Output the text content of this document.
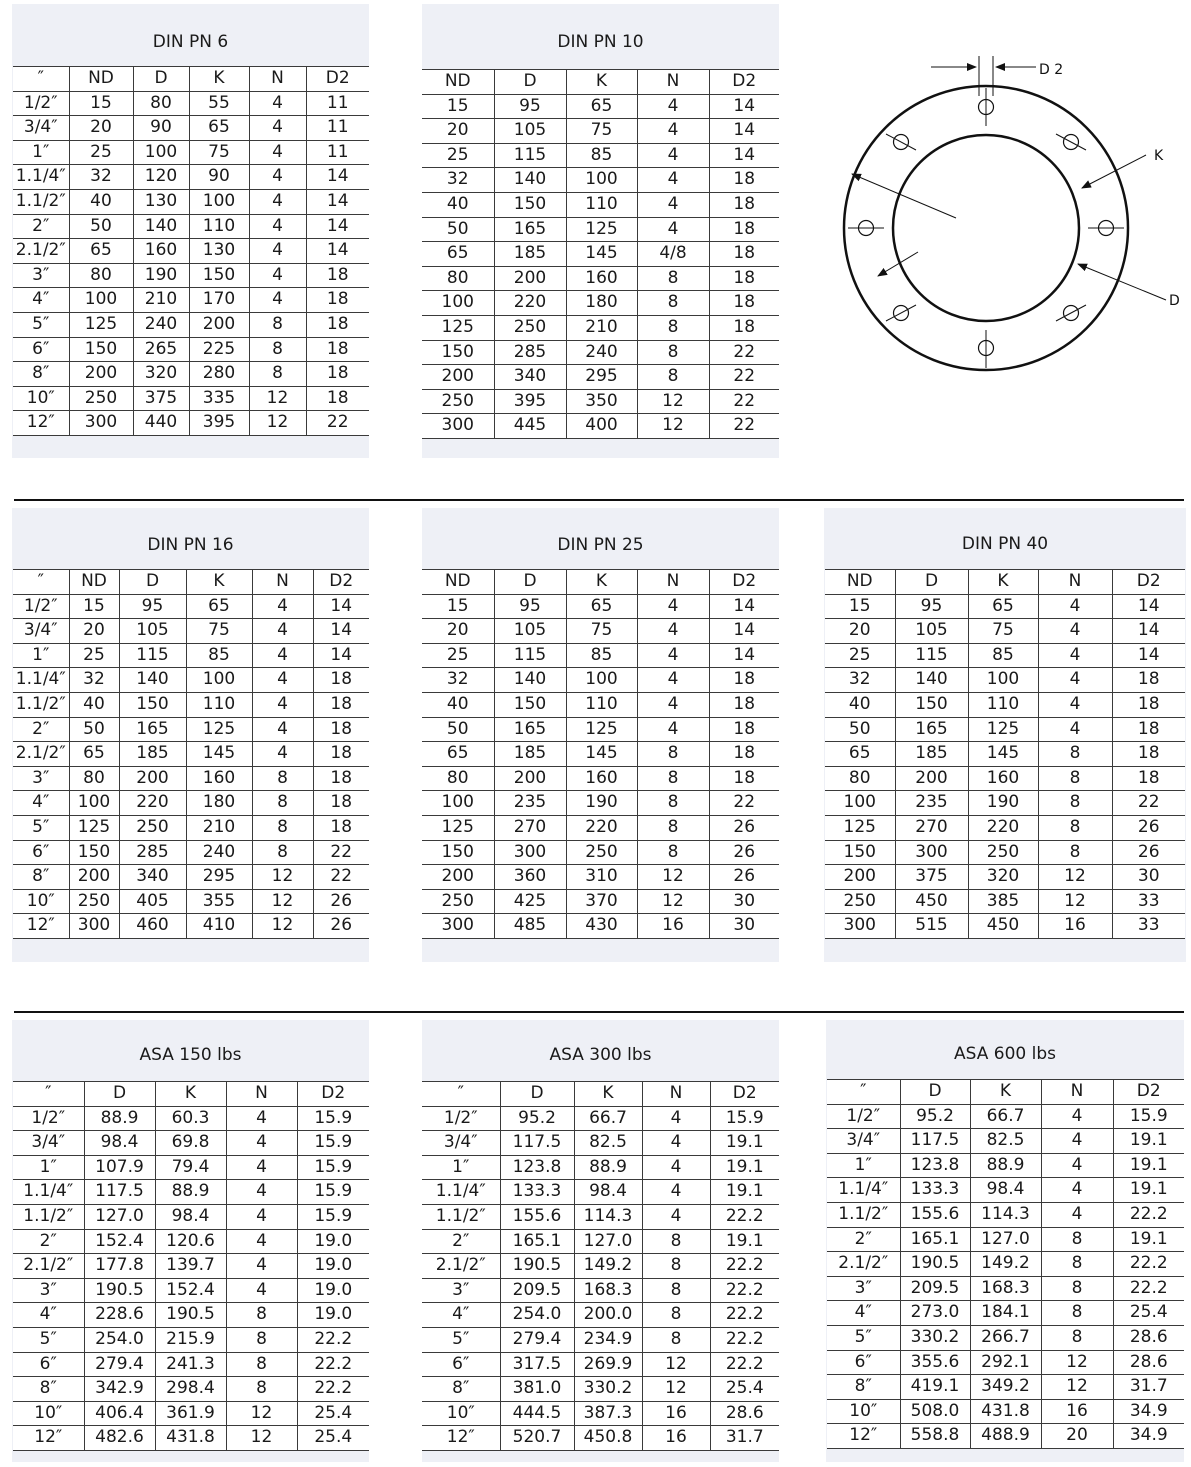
DIN PN 6
″	ND	D	K	N	D2
1/2″	15	80	55	4	11
3/4″	20	90	65	4	11
1″	25	100	75	4	11
1.1/4″	32	120	90	4	14
1.1/2″	40	130	100	4	14
2″	50	140	110	4	14
2.1/2″	65	160	130	4	14
3″	80	190	150	4	18
4″	100	210	170	4	18
5″	125	240	200	8	18
6″	150	265	225	8	18
8″	200	320	280	8	18
10″	250	375	335	12	18
12″	300	440	395	12	22
DIN PN 10
ND	D	K	N	D2
15	95	65	4	14
20	105	75	4	14
25	115	85	4	14
32	140	100	4	18
40	150	110	4	18
50	165	125	4	18
65	185	145	4/8	18
80	200	160	8	18
100	220	180	8	18
125	250	210	8	18
150	285	240	8	22
200	340	295	8	22
250	395	350	12	22
300	445	400	12	22
D 2
K
D
DIN PN 16
″	ND	D	K	N	D2
1/2″	15	95	65	4	14
3/4″	20	105	75	4	14
1″	25	115	85	4	14
1.1/4″	32	140	100	4	18
1.1/2″	40	150	110	4	18
2″	50	165	125	4	18
2.1/2″	65	185	145	4	18
3″	80	200	160	8	18
4″	100	220	180	8	18
5″	125	250	210	8	18
6″	150	285	240	8	22
8″	200	340	295	12	22
10″	250	405	355	12	26
12″	300	460	410	12	26
DIN PN 25
ND	D	K	N	D2
15	95	65	4	14
20	105	75	4	14
25	115	85	4	14
32	140	100	4	18
40	150	110	4	18
50	165	125	4	18
65	185	145	8	18
80	200	160	8	18
100	235	190	8	22
125	270	220	8	26
150	300	250	8	26
200	360	310	12	26
250	425	370	12	30
300	485	430	16	30
DIN PN 40
ND	D	K	N	D2
15	95	65	4	14
20	105	75	4	14
25	115	85	4	14
32	140	100	4	18
40	150	110	4	18
50	165	125	4	18
65	185	145	8	18
80	200	160	8	18
100	235	190	8	22
125	270	220	8	26
150	300	250	8	26
200	375	320	12	30
250	450	385	12	33
300	515	450	16	33
ASA 150 lbs
″	D	K	N	D2
1/2″	88.9	60.3	4	15.9
3/4″	98.4	69.8	4	15.9
1″	107.9	79.4	4	15.9
1.1/4″	117.5	88.9	4	15.9
1.1/2″	127.0	98.4	4	15.9
2″	152.4	120.6	4	19.0
2.1/2″	177.8	139.7	4	19.0
3″	190.5	152.4	4	19.0
4″	228.6	190.5	8	19.0
5″	254.0	215.9	8	22.2
6″	279.4	241.3	8	22.2
8″	342.9	298.4	8	22.2
10″	406.4	361.9	12	25.4
12″	482.6	431.8	12	25.4
ASA 300 lbs
″	D	K	N	D2
1/2″	95.2	66.7	4	15.9
3/4″	117.5	82.5	4	19.1
1″	123.8	88.9	4	19.1
1.1/4″	133.3	98.4	4	19.1
1.1/2″	155.6	114.3	4	22.2
2″	165.1	127.0	8	19.1
2.1/2″	190.5	149.2	8	22.2
3″	209.5	168.3	8	22.2
4″	254.0	200.0	8	22.2
5″	279.4	234.9	8	22.2
6″	317.5	269.9	12	22.2
8″	381.0	330.2	12	25.4
10″	444.5	387.3	16	28.6
12″	520.7	450.8	16	31.7
ASA 600 lbs
″	D	K	N	D2
1/2″	95.2	66.7	4	15.9
3/4″	117.5	82.5	4	19.1
1″	123.8	88.9	4	19.1
1.1/4″	133.3	98.4	4	19.1
1.1/2″	155.6	114.3	4	22.2
2″	165.1	127.0	8	19.1
2.1/2″	190.5	149.2	8	22.2
3″	209.5	168.3	8	22.2
4″	273.0	184.1	8	25.4
5″	330.2	266.7	8	28.6
6″	355.6	292.1	12	28.6
8″	419.1	349.2	12	31.7
10″	508.0	431.8	16	34.9
12″	558.8	488.9	20	34.9
